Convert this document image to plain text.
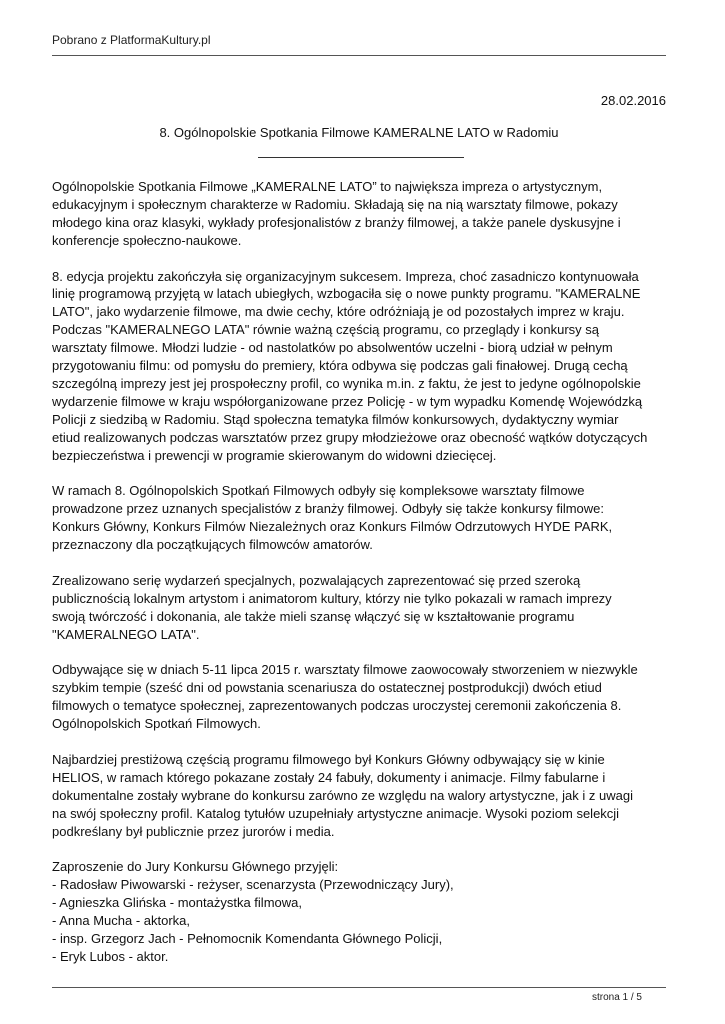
Pobrano z PlatformaKultury.pl
28.02.2016
8. Ogólnopolskie Spotkania Filmowe KAMERALNE LATO w Radomiu

Ogólnopolskie Spotkania Filmowe „KAMERALNE LATO” to największa impreza o artystycznym,
edukacyjnym i społecznym charakterze w Radomiu. Składają się na nią warsztaty filmowe, pokazy
młodego kina oraz klasyki, wykłady profesjonalistów z branży filmowej, a także panele dyskusyjne i
konferencje społeczno-naukowe.

8. edycja projektu zakończyła się organizacyjnym sukcesem. Impreza, choć zasadniczo kontynuowała
linię programową przyjętą w latach ubiegłych, wzbogaciła się o nowe punkty programu. "KAMERALNE
LATO", jako wydarzenie filmowe, ma dwie cechy, które odróżniają je od pozostałych imprez w kraju.
Podczas "KAMERALNEGO LATA" równie ważną częścią programu, co przeglądy i konkursy są
warsztaty filmowe. Młodzi ludzie - od nastolatków po absolwentów uczelni - biorą udział w pełnym
przygotowaniu filmu: od pomysłu do premiery, która odbywa się podczas gali finałowej. Drugą cechą
szczególną imprezy jest jej prospołeczny profil, co wynika m.in. z faktu, że jest to jedyne ogólnopolskie
wydarzenie filmowe w kraju współorganizowane przez Policję - w tym wypadku Komendę Wojewódzką
Policji z siedzibą w Radomiu. Stąd społeczna tematyka filmów konkursowych, dydaktyczny wymiar
etiud realizowanych podczas warsztatów przez grupy młodzieżowe oraz obecność wątków dotyczących
bezpieczeństwa i prewencji w programie skierowanym do widowni dziecięcej.

W ramach 8. Ogólnopolskich Spotkań Filmowych odbyły się kompleksowe warsztaty filmowe
prowadzone przez uznanych specjalistów z branży filmowej. Odbyły się także konkursy filmowe:
Konkurs Główny, Konkurs Filmów Niezależnych oraz Konkurs Filmów Odrzutowych HYDE PARK,
przeznaczony dla początkujących filmowców amatorów.

Zrealizowano serię wydarzeń specjalnych, pozwalających zaprezentować się przed szeroką
publicznością lokalnym artystom i animatorom kultury, którzy nie tylko pokazali w ramach imprezy
swoją twórczość i dokonania, ale także mieli szansę włączyć się w kształtowanie programu
"KAMERALNEGO LATA".

Odbywające się w dniach 5-11 lipca 2015 r. warsztaty filmowe zaowocowały stworzeniem w niezwykle
szybkim tempie (sześć dni od powstania scenariusza do ostatecznej postprodukcji) dwóch etiud
filmowych o tematyce społecznej, zaprezentowanych podczas uroczystej ceremonii zakończenia 8.
Ogólnopolskich Spotkań Filmowych.

Najbardziej prestiżową częścią programu filmowego był Konkurs Główny odbywający się w kinie
HELIOS, w ramach którego pokazane zostały 24 fabuły, dokumenty i animacje. Filmy fabularne i
dokumentalne zostały wybrane do konkursu zarówno ze względu na walory artystyczne, jak i z uwagi
na swój społeczny profil. Katalog tytułów uzupełniały artystyczne animacje. Wysoki poziom selekcji
podkreślany był publicznie przez jurorów i media.

Zaproszenie do Jury Konkursu Głównego przyjęli:
- Radosław Piwowarski - reżyser, scenarzysta (Przewodniczący Jury),
- Agnieszka Glińska - montażystka filmowa,
- Anna Mucha - aktorka,
- insp. Grzegorz Jach - Pełnomocnik Komendanta Głównego Policji,
- Eryk Lubos - aktor.
strona 1 / 5
